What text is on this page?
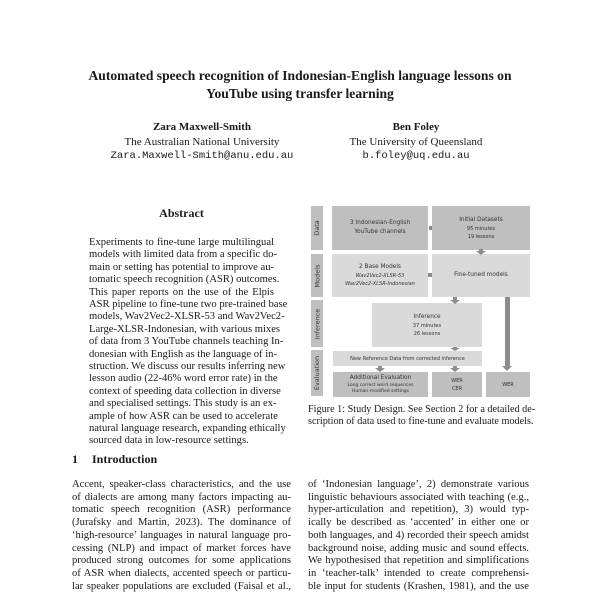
Automated speech recognition of Indonesian-English language lessons on
YouTube using transfer learning
Zara Maxwell-Smith
The Australian National University
Zara.Maxwell-Smith@anu.edu.au
Ben Foley
The University of Queensland
b.foley@uq.edu.au
Abstract
Experiments to fine-tune large multilingual
models with limited data from a specific do-
main or setting has potential to improve au-
tomatic speech recognition (ASR) outcomes.
This paper reports on the use of the Elpis
ASR pipeline to fine-tune two pre-trained base
models, Wav2Vec2-XLSR-53 and Wav2Vec2-
Large-XLSR-Indonesian, with various mixes
of data from 3 YouTube channels teaching In-
donesian with English as the language of in-
struction. We discuss our results inferring new
lesson audio (22-46% word error rate) in the
context of speeding data collection in diverse
and specialised settings. This study is an ex-
ample of how ASR can be used to accelerate
natural language research, expanding ethically
sourced data in low-resource settings.
1 Introduction
Accent, speaker-class characteristics, and the use
of dialects are among many factors impacting au-
tomatic speech recognition (ASR) performance
(Jurafsky and Martin, 2023). The dominance of
‘high-resource’ languages in natural language pro-
cessing (NLP) and impact of market forces have
produced strong outcomes for some applications
of ASR when dialects, accented speech or particu-
lar speaker populations are excluded (Faisal et al.,
of ‘Indonesian language’, 2) demonstrate various
linguistic behaviours associated with teaching (e.g.,
hyper-articulation and repetition), 3) would typ-
ically be described as ‘accented’ in either one or
both languages, and 4) recorded their speech amidst
background noise, adding music and sound effects.
We hypothesised that repetition and simplifications
in ‘teacher-talk’ intended to create comprehensi-
ble input for students (Krashen, 1981), and the use
Data
Models
Inference
Evaluation
3 Indonesian-English
YouTube channels
Initial Datasets
95 minutes
19 lessons
2 Base Models
Wav2Vec2-XLSR-53
Wav2Vec2-XLSR-Indonesian
Fine-tuned models
Inference
37 minutes
26 lessons
New Reference Data from corrected inference
Additional Evaluation
Long correct word sequences
Human-modified settings
WER
CER
WER
Figure 1: Study Design. See Section 2 for a detailed de-
scription of data used to fine-tune and evaluate models.
